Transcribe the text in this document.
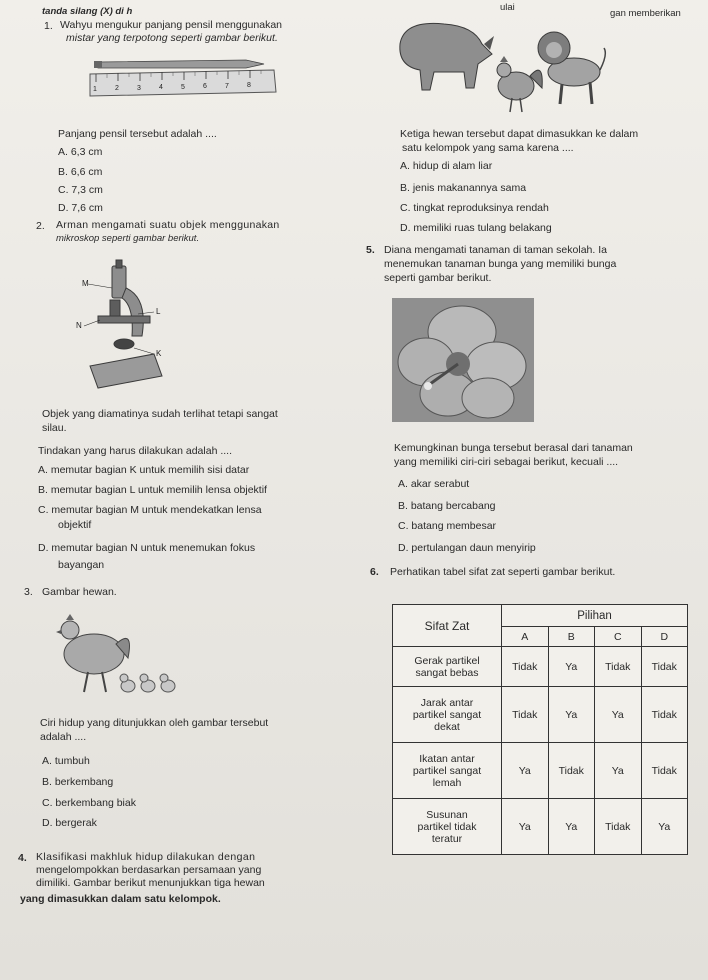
tanda silang (X) di h	ulai
gan memberikan
1. Wahyu mengukur panjang pensil menggunakan
mistar yang terpotong seperti gambar berikut.
1	2	3	4	5	6	7	8
Panjang pensil tersebut adalah ....
A. 6,3 cm
B. 6,6 cm
C. 7,3 cm
D. 7,6 cm
2. Arman mengamati suatu objek menggunakan
mikroskop seperti gambar berikut.
M
L
N
K
Objek yang diamatinya sudah terlihat tetapi sangat
silau.
Tindakan yang harus dilakukan adalah ....
A. memutar bagian K untuk memilih sisi datar
B. memutar bagian L untuk memilih lensa objektif
C. memutar bagian M untuk mendekatkan lensa
objektif
D. memutar bagian N untuk menemukan fokus
bayangan
3. Gambar hewan.
Ciri hidup yang ditunjukkan oleh gambar tersebut
adalah ....
A. tumbuh
B. berkembang
C. berkembang biak
D. bergerak
4. Klasifikasi makhluk hidup dilakukan dengan
mengelompokkan berdasarkan persamaan yang
dimiliki. Gambar berikut menunjukkan tiga hewan
yang dimasukkan dalam satu kelompok.
Ketiga hewan tersebut dapat dimasukkan ke dalam
satu kelompok yang sama karena ....
A. hidup di alam liar
B. jenis makanannya sama
C. tingkat reproduksinya rendah
D. memiliki ruas tulang belakang
5. Diana mengamati tanaman di taman sekolah. Ia
menemukan tanaman bunga yang memiliki bunga
seperti gambar berikut.
Kemungkinan bunga tersebut berasal dari tanaman
yang memiliki ciri-ciri sebagai berikut, kecuali ....
A. akar serabut
B. batang bercabang
C. batang membesar
D. pertulangan daun menyirip
6. Perhatikan tabel sifat zat seperti gambar berikut.
Sifat Zat	Pilihan			
	A	B	C	D

Gerak partikel
sangat bebas	Tidak	Ya	Tidak	Tidak

Jarak antar
partikel sangat
dekat	Tidak	Ya	Ya	Tidak

Ikatan antar
partikel sangat
lemah	Ya	Tidak	Ya	Tidak

Susunan
partikel tidak
teratur	Ya	Ya	Tidak	Ya
